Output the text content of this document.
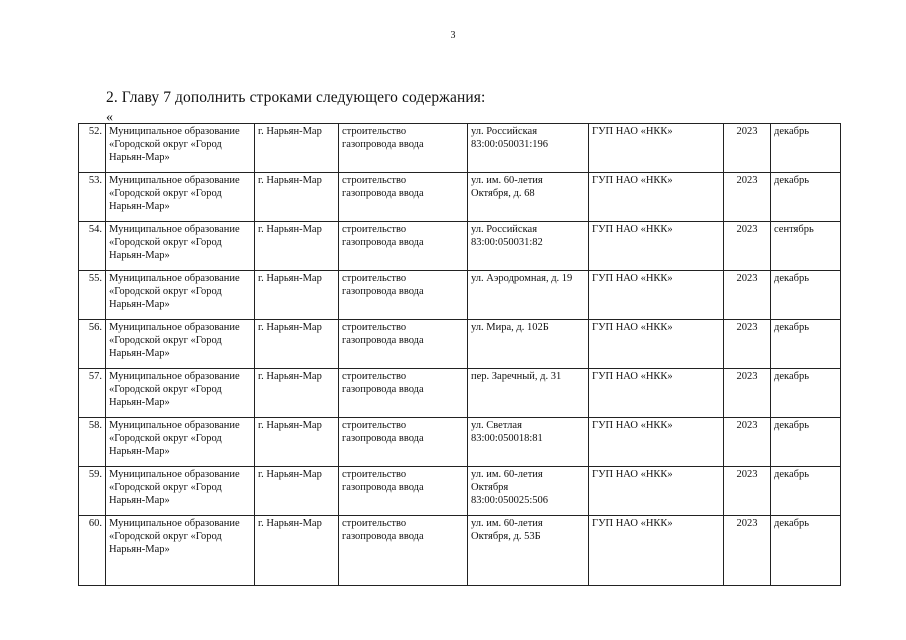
3
2. Главу 7 дополнить строками следующего содержания:
«
52.	Муниципальное образование
«Городской округ «Город
Нарьян-Мар»	г. Нарьян-Мар	строительство
газопровода ввода	ул. Российская
83:00:050031:196	ГУП НАО «НКК»	2023	декабрь
53.	Муниципальное образование
«Городской округ «Город
Нарьян-Мар»	г. Нарьян-Мар	строительство
газопровода ввода	ул. им. 60-летия
Октября, д. 68	ГУП НАО «НКК»	2023	декабрь
54.	Муниципальное образование
«Городской округ «Город
Нарьян-Мар»	г. Нарьян-Мар	строительство
газопровода ввода	ул. Российская
83:00:050031:82	ГУП НАО «НКК»	2023	сентябрь
55.	Муниципальное образование
«Городской округ «Город
Нарьян-Мар»	г. Нарьян-Мар	строительство
газопровода ввода	ул. Аэродромная, д. 19	ГУП НАО «НКК»	2023	декабрь
56.	Муниципальное образование
«Городской округ «Город
Нарьян-Мар»	г. Нарьян-Мар	строительство
газопровода ввода	ул. Мира, д. 102Б	ГУП НАО «НКК»	2023	декабрь
57.	Муниципальное образование
«Городской округ «Город
Нарьян-Мар»	г. Нарьян-Мар	строительство
газопровода ввода	пер. Заречный, д. 31	ГУП НАО «НКК»	2023	декабрь
58.	Муниципальное образование
«Городской округ «Город
Нарьян-Мар»	г. Нарьян-Мар	строительство
газопровода ввода	ул. Светлая
83:00:050018:81	ГУП НАО «НКК»	2023	декабрь
59.	Муниципальное образование
«Городской округ «Город
Нарьян-Мар»	г. Нарьян-Мар	строительство
газопровода ввода	ул. им. 60-летия
Октября
83:00:050025:506	ГУП НАО «НКК»	2023	декабрь
60.	Муниципальное образование
«Городской округ «Город
Нарьян-Мар»	г. Нарьян-Мар	строительство
газопровода ввода	ул. им. 60-летия
Октября, д. 53Б	ГУП НАО «НКК»	2023	декабрь
